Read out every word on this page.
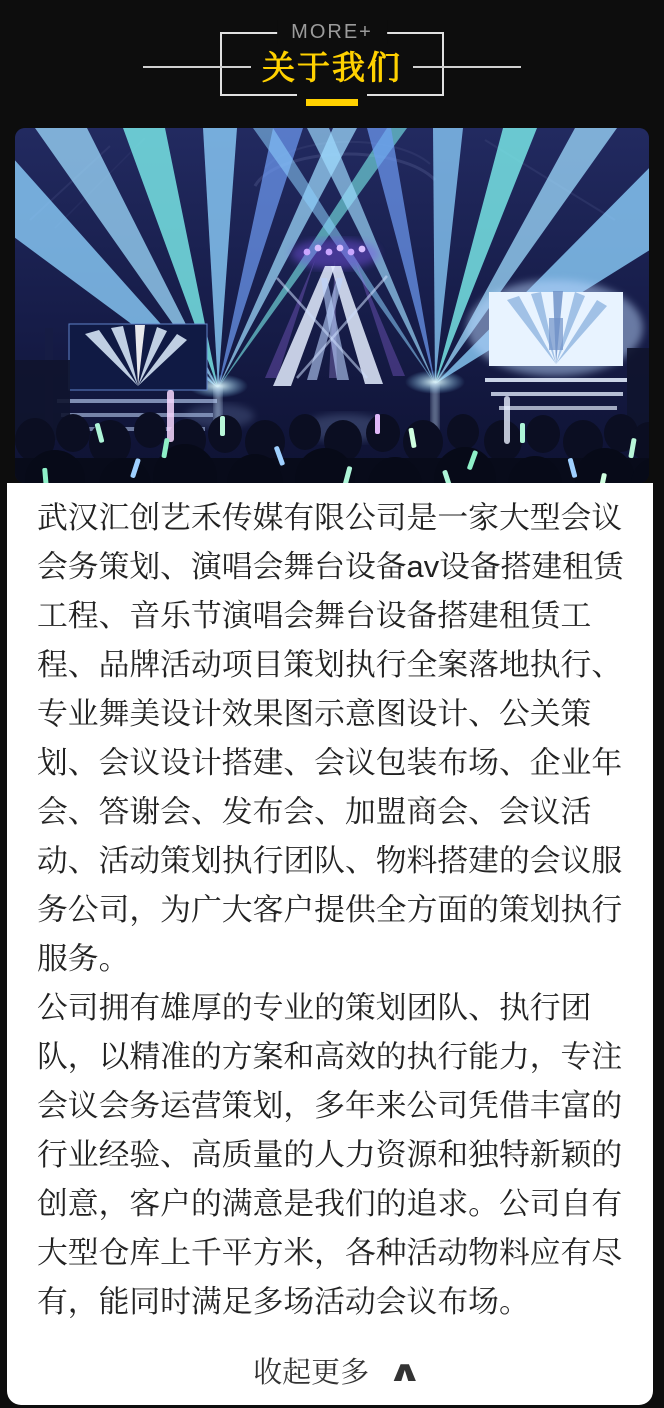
MORE+
关于我们

武汉汇创艺禾传媒有限公司是一家大型会议会务策划、演唱会舞台设备av设备搭建租赁工程、音乐节演唱会舞台设备搭建租赁工程、品牌活动项目策划执行全案落地执行、专业舞美设计效果图示意图设计、公关策划、会议设计搭建、会议包装布场、企业年会、答谢会、发布会、加盟商会、会议活动、活动策划执行团队、物料搭建的会议服务公司，为广大客户提供全方面的策划执行服务。

公司拥有雄厚的专业的策划团队、执行团队，以精准的方案和高效的执行能力，专注会议会务运营策划，多年来公司凭借丰富的行业经验、高质量的人力资源和独特新颖的创意，客户的满意是我们的追求。公司自有大型仓库上千平方米，各种活动物料应有尽有，能同时满足多场活动会议布场。

收起更多 ∧
